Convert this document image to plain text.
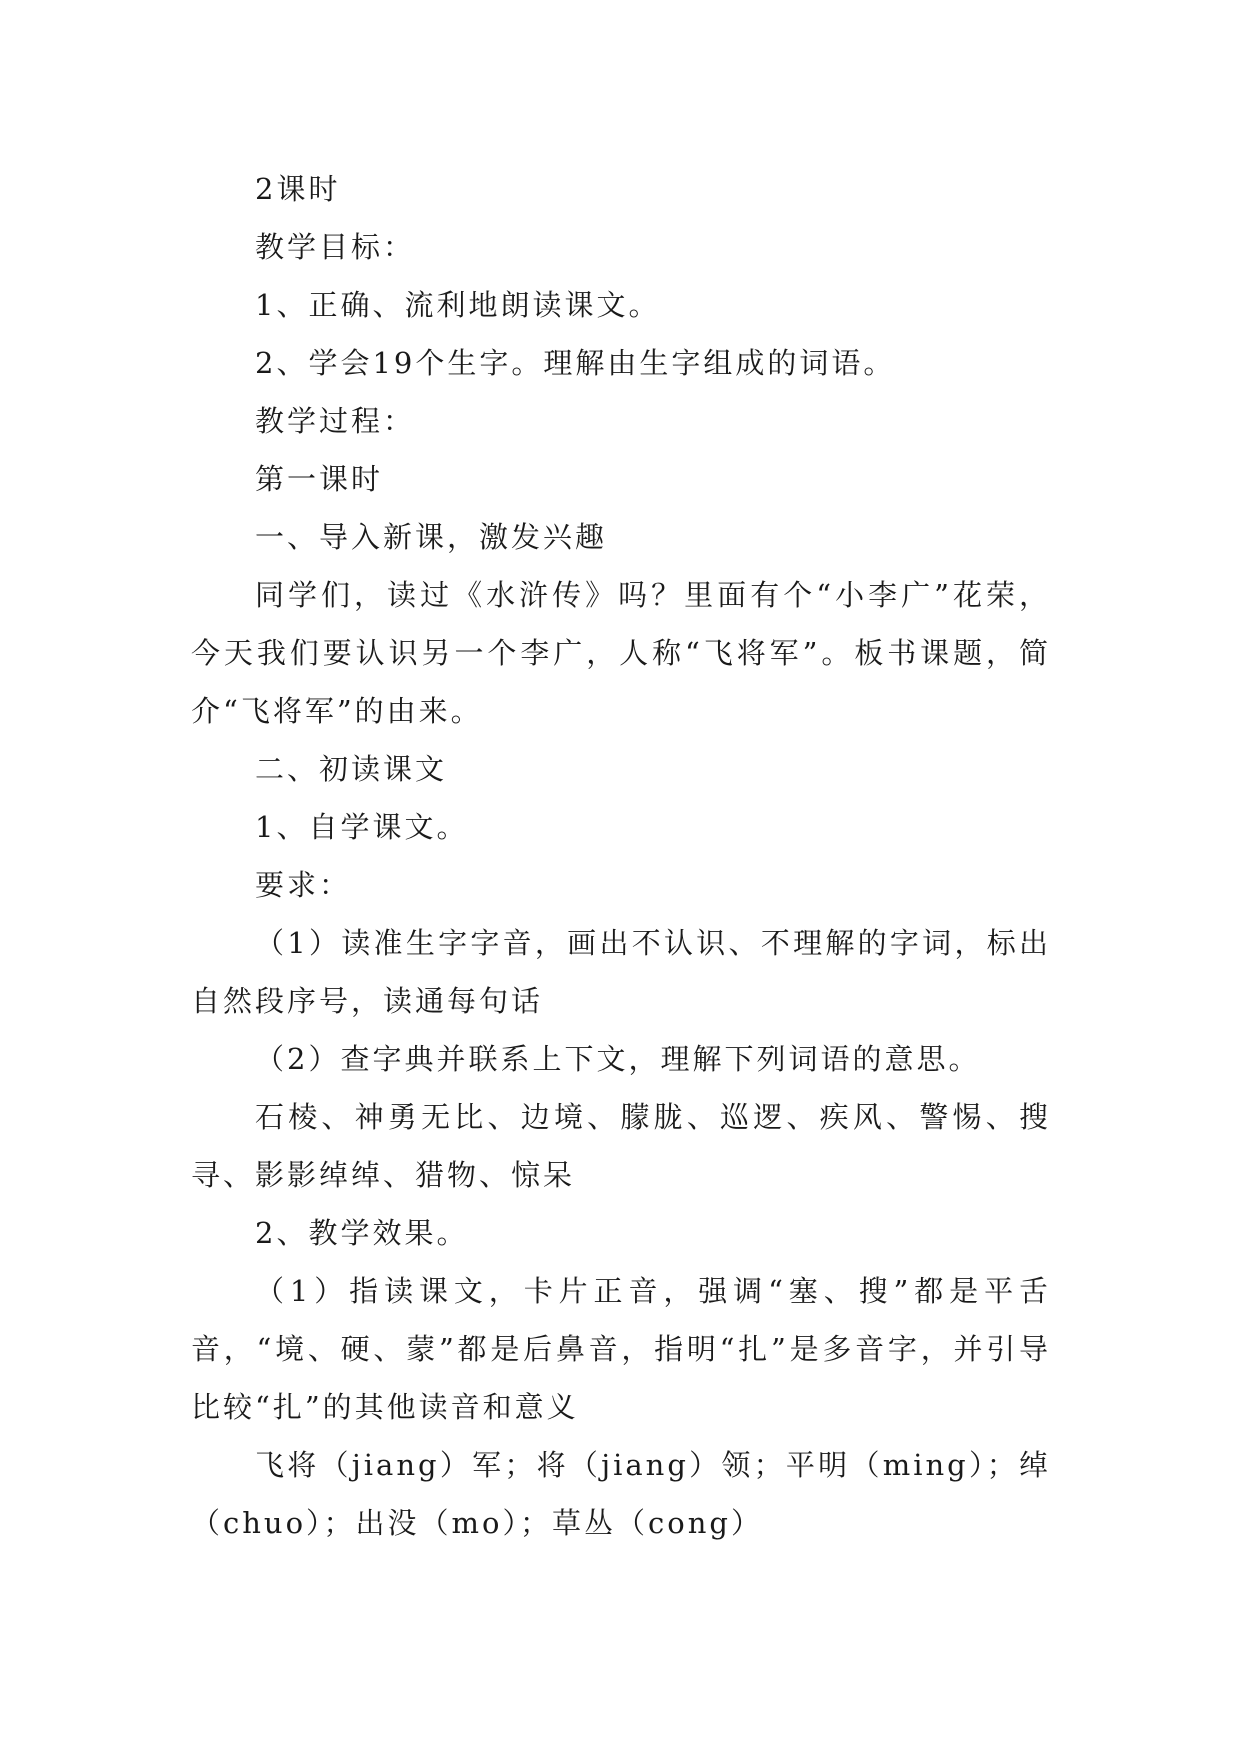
2课时

教学目标：

1、正确、流利地朗读课文。

2、学会19个生字。理解由生字组成的词语。

教学过程：

第一课时

一、导入新课，激发兴趣

同学们，读过《水浒传》吗？里面有个“小李广”花荣，今天我们要认识另一个李广，人称“飞将军”。板书课题，简介“飞将军”的由来。

二、初读课文

1、自学课文。

要求：

（1）读准生字字音，画出不认识、不理解的字词，标出自然段序号，读通每句话

（2）查字典并联系上下文，理解下列词语的意思。

石棱、神勇无比、边境、朦胧、巡逻、疾风、警惕、搜寻、影影绰绰、猎物、惊呆

2、教学效果。

（1）指读课文，卡片正音，强调“塞、搜”都是平舌音，“境、硬、蒙”都是后鼻音，指明“扎”是多音字，并引导比较“扎”的其他读音和意义

飞将（jiang）军；将（jiang）领；平明（ming）；绰（chuo）；出没（mo）；草丛（cong）
